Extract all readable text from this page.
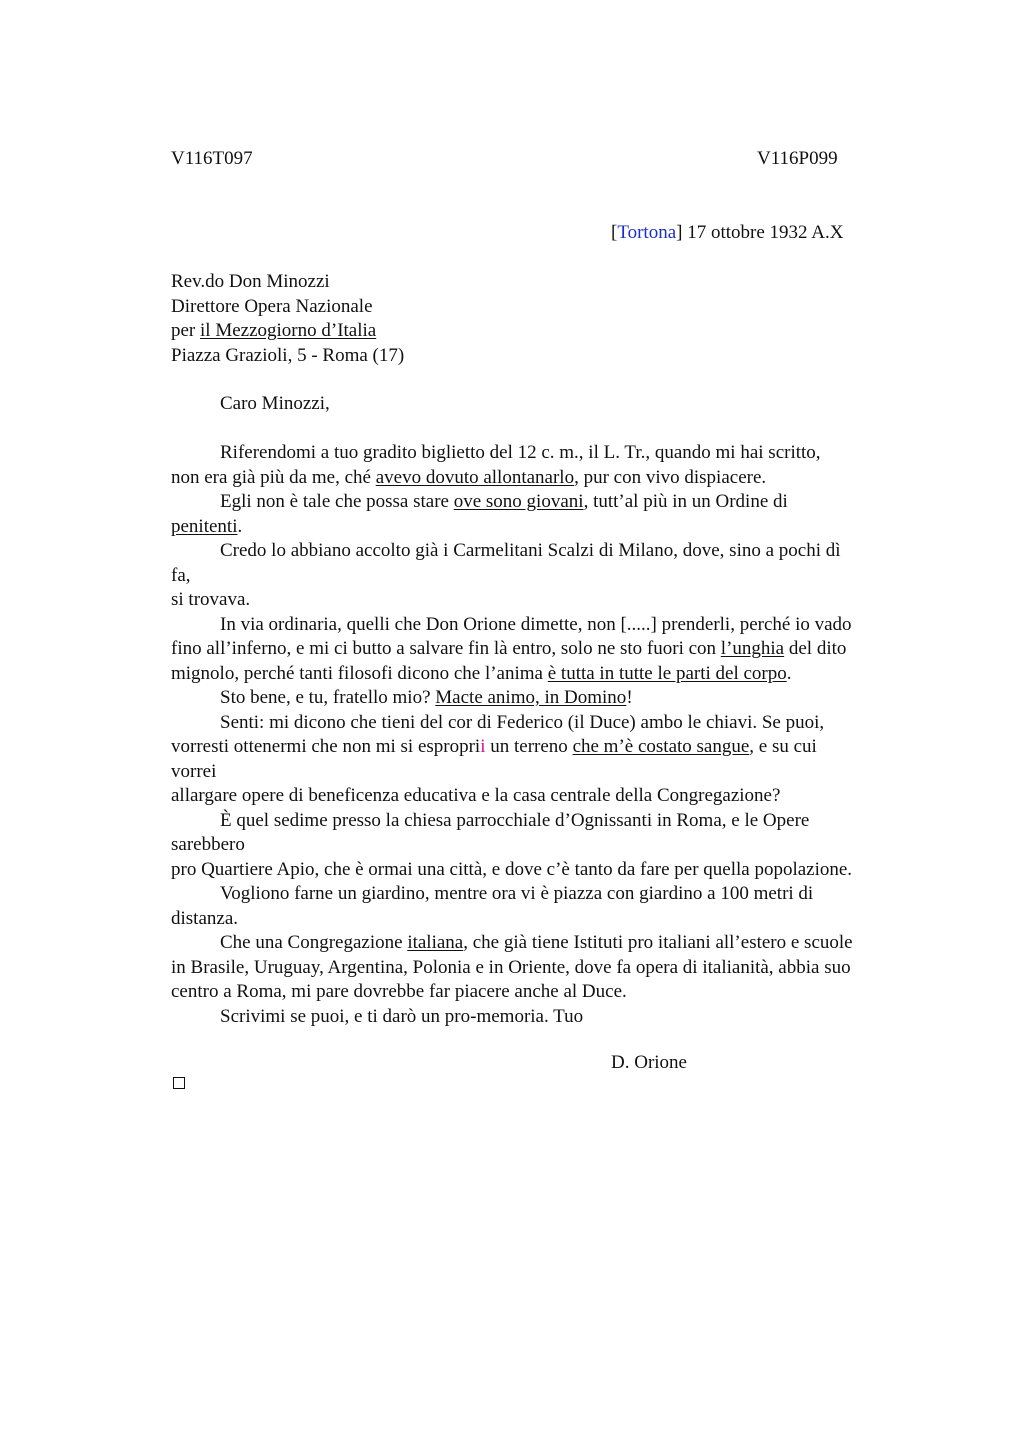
V116T097	V116P099
[Tortona] 17 ottobre 1932 A.X
Rev.do Don Minozzi
Direttore Opera Nazionale
per il Mezzogiorno d’Italia
Piazza Grazioli, 5 - Roma (17)
Caro Minozzi,
Riferendomi a tuo gradito biglietto del 12 c. m., il L. Tr., quando mi hai scritto,
non era già più da me, ché avevo dovuto allontanarlo, pur con vivo dispiacere.
Egli non è tale che possa stare ove sono giovani, tutt’al più in un Ordine di
penitenti.
Credo lo abbiano accolto già i Carmelitani Scalzi di Milano, dove, sino a pochi dì
fa,
si trovava.
In via ordinaria, quelli che Don Orione dimette, non [.....] prenderli, perché io vado
fino all’inferno, e mi ci butto a salvare fin là entro, solo ne sto fuori con l’unghia del dito
mignolo, perché tanti filosofi dicono che l’anima è tutta in tutte le parti del corpo.
Sto bene, e tu, fratello mio? Macte animo, in Domino!
Senti: mi dicono che tieni del cor di Federico (il Duce) ambo le chiavi. Se puoi,
vorresti ottenermi che non mi si esproprii un terreno che m’è costato sangue, e su cui
vorrei
allargare opere di beneficenza educativa e la casa centrale della Congregazione?
È quel sedime presso la chiesa parrocchiale d’Ognissanti in Roma, e le Opere
sarebbero
pro Quartiere Apio, che è ormai una città, e dove c’è tanto da fare per quella popolazione.
Vogliono farne un giardino, mentre ora vi è piazza con giardino a 100 metri di
distanza.
Che una Congregazione italiana, che già tiene Istituti pro italiani all’estero e scuole
in Brasile, Uruguay, Argentina, Polonia e in Oriente, dove fa opera di italianità, abbia suo
centro a Roma, mi pare dovrebbe far piacere anche al Duce.
Scrivimi se puoi, e ti darò un pro-memoria. Tuo
D. Orione
